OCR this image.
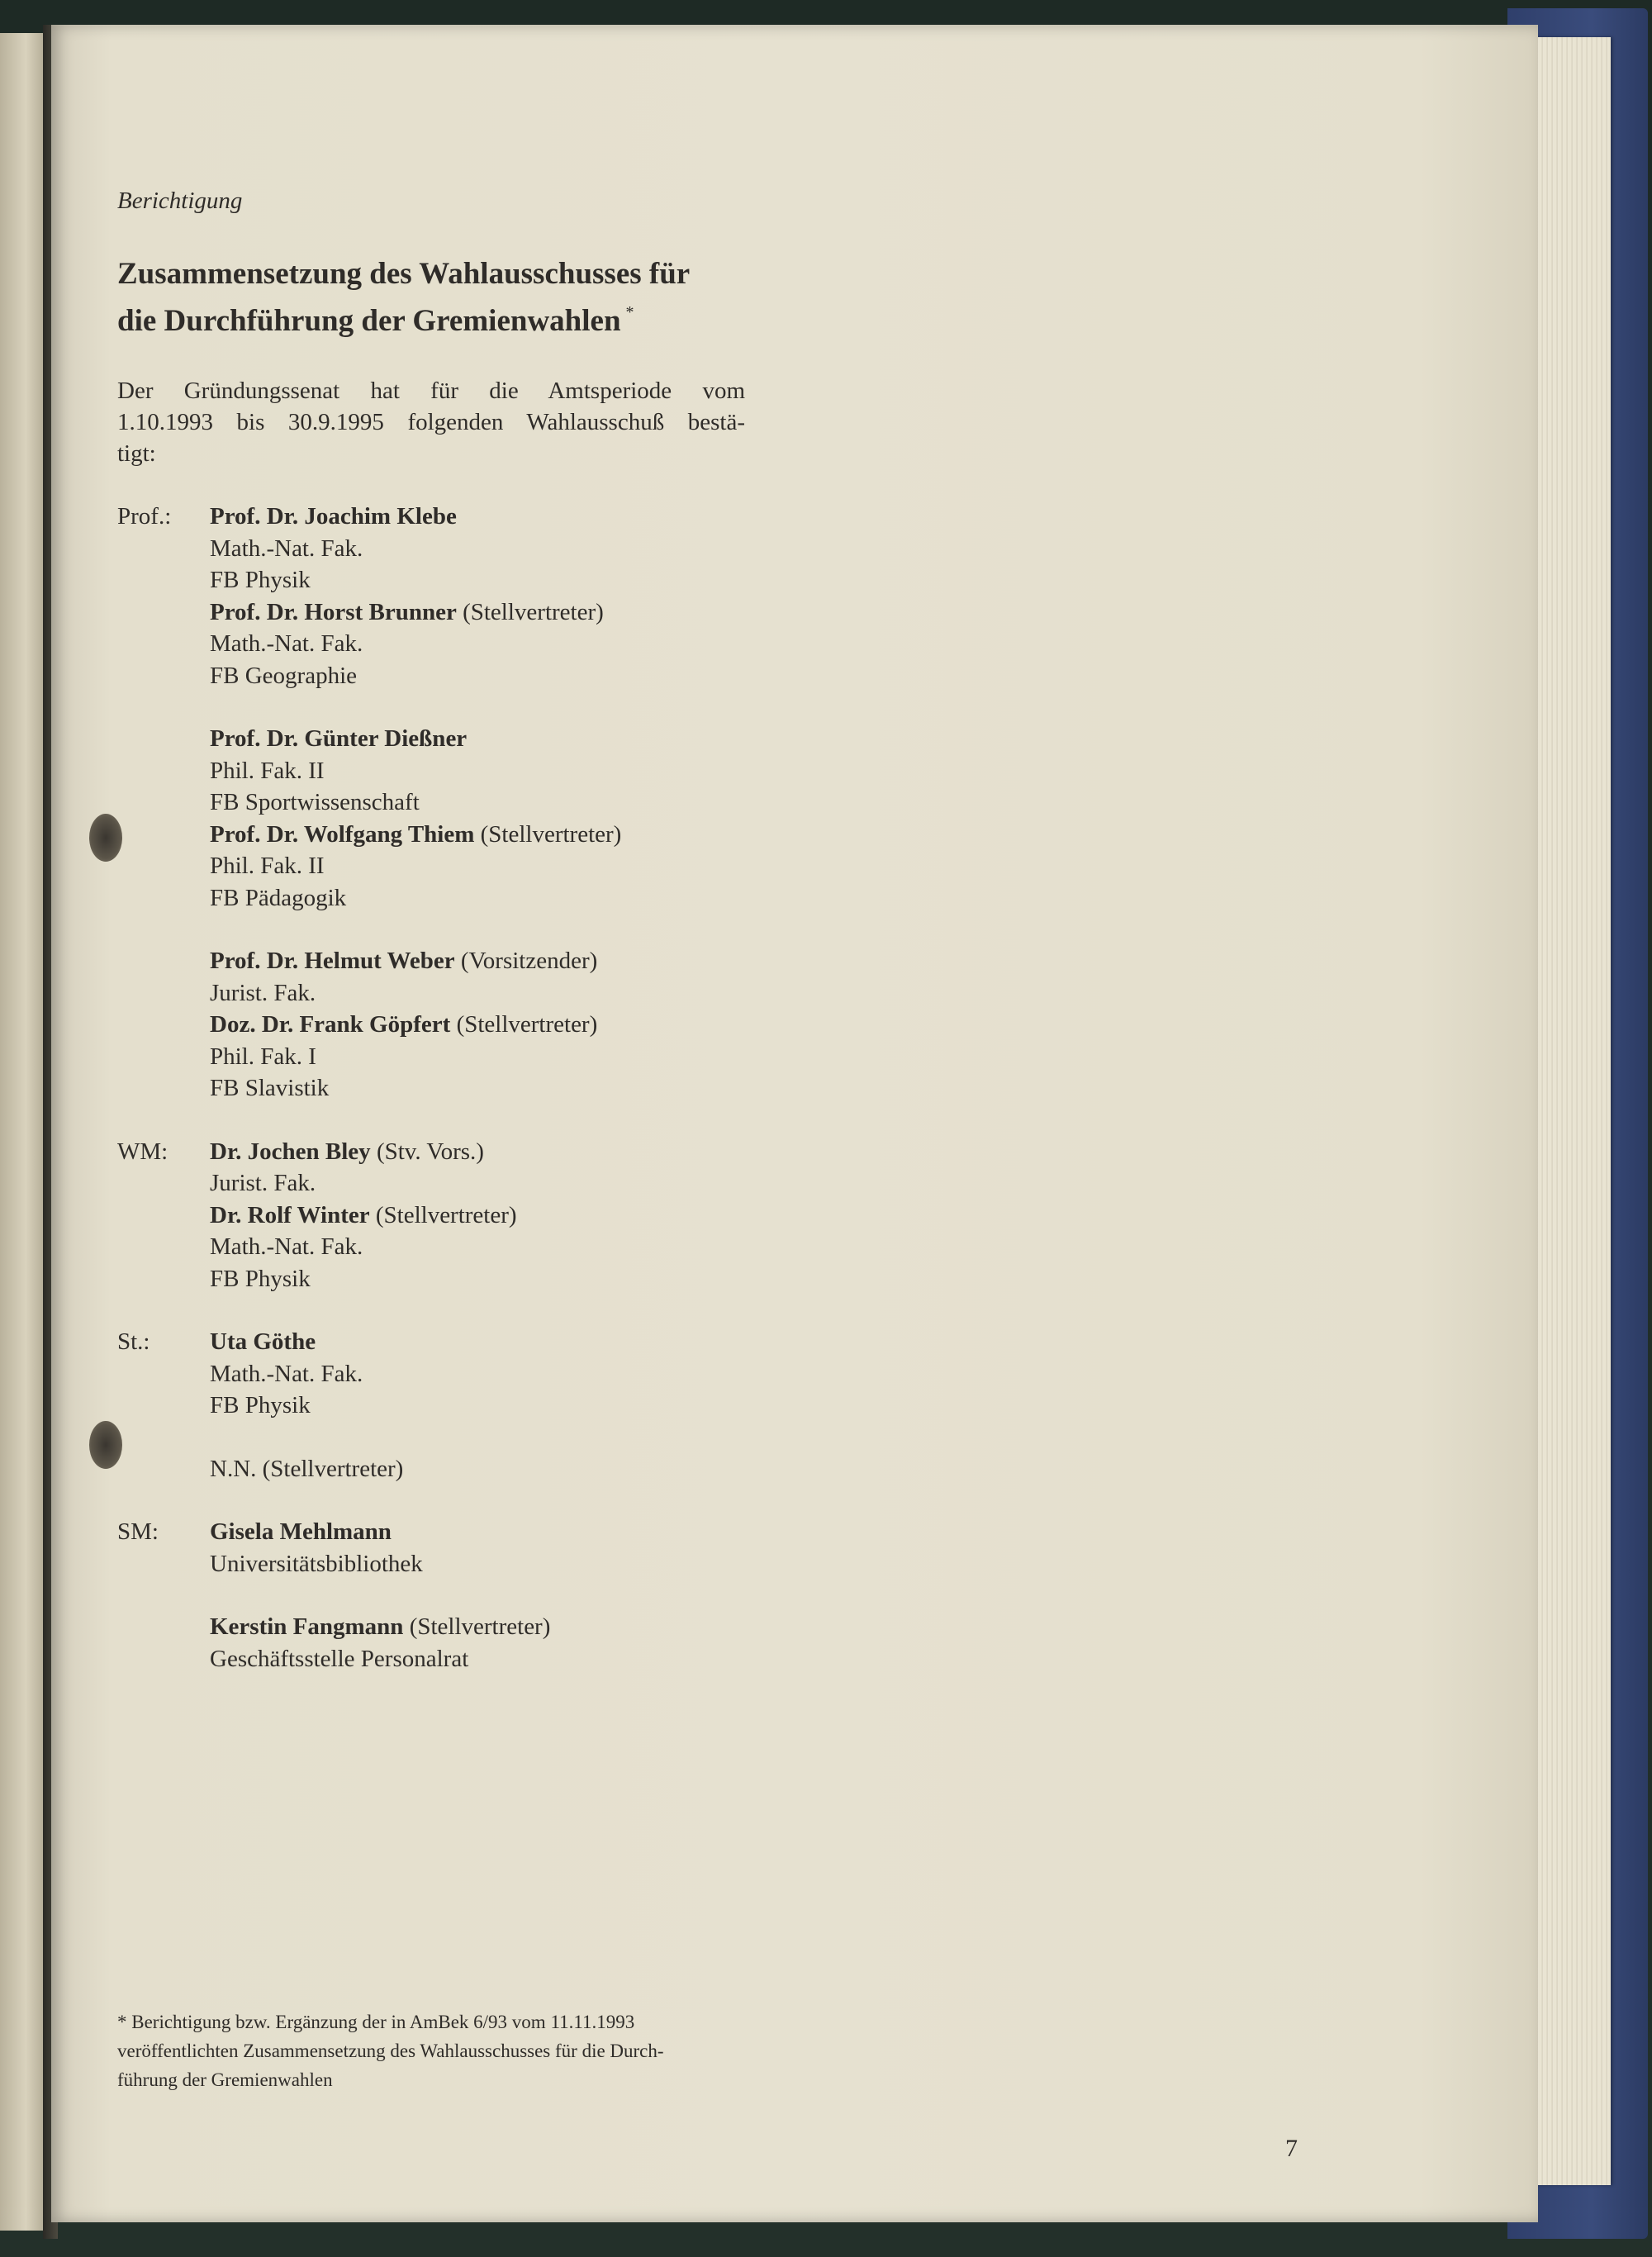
Berichtigung

Zusammensetzung des Wahlausschusses für
die Durchführung der Gremienwahlen *
Der Gründungssenat hat für die Amtsperiode vom
1.10.1993 bis 30.9.1995 folgenden Wahlausschuß bestä-
tigt:
Prof.:	Prof. Dr. Joachim Klebe
Math.-Nat. Fak.
FB Physik
Prof. Dr. Horst Brunner (Stellvertreter)
Math.-Nat. Fak.
FB Geographie
Prof. Dr. Günter Dießner
Phil. Fak. II
FB Sportwissenschaft
Prof. Dr. Wolfgang Thiem (Stellvertreter)
Phil. Fak. II
FB Pädagogik
Prof. Dr. Helmut Weber (Vorsitzender)
Jurist. Fak.
Doz. Dr. Frank Göpfert (Stellvertreter)
Phil. Fak. I
FB Slavistik
WM:	Dr. Jochen Bley (Stv. Vors.)
Jurist. Fak.
Dr. Rolf Winter (Stellvertreter)
Math.-Nat. Fak.
FB Physik
St.:	Uta Göthe
Math.-Nat. Fak.
FB Physik
N.N. (Stellvertreter)
SM:	Gisela Mehlmann
Universitätsbibliothek
Kerstin Fangmann (Stellvertreter)
Geschäftsstelle Personalrat
* Berichtigung bzw. Ergänzung der in AmBek 6/93 vom 11.11.1993
veröffentlichten Zusammensetzung des Wahlausschusses für die Durch-
führung der Gremienwahlen
7
